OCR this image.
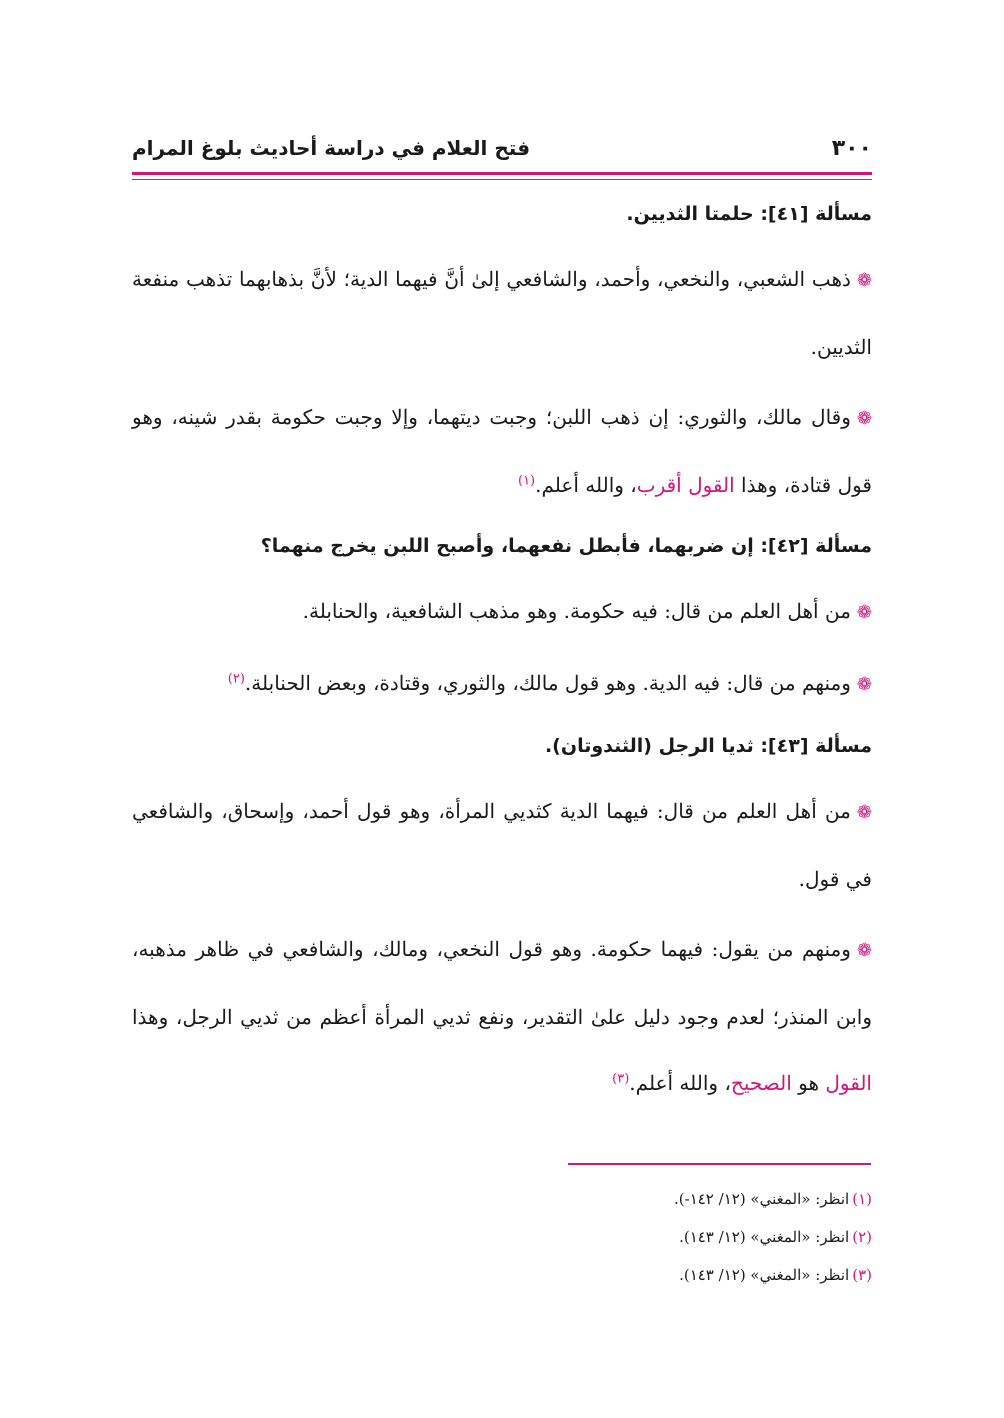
٣٠٠
فتح العلام في دراسة أحاديث بلوغ المرام

مسألة [٤١]: حلمتا الثديين.

❁ذهب الشعبي، والنخعي، وأحمد، والشافعي إلىٰ أنَّ فيهما الدية؛ لأنَّ بذهابهما تذهب منفعة الثديين.

❁وقال مالك، والثوري: إن ذهب اللبن؛ وجبت ديتهما، وإلا وجبت حكومة بقدر شينه، وهو قول قتادة، وهذا القول أقرب، والله أعلم.$^{(١)}$

مسألة [٤٢]: إن ضربهما، فأبطل نفعهما، وأصبح اللبن يخرج منهما؟

❁من أهل العلم من قال: فيه حكومة. وهو مذهب الشافعية، والحنابلة.

❁ومنهم من قال: فيه الدية. وهو قول مالك، والثوري، وقتادة، وبعض الحنابلة.$^{(٢)}$

مسألة [٤٣]: ثديا الرجل (الثندوتان).

❁من أهل العلم من قال: فيهما الدية كثديي المرأة، وهو قول أحمد، وإسحاق، والشافعي في قول.

❁ومنهم من يقول: فيهما حكومة. وهو قول النخعي، ومالك، والشافعي في ظاهر مذهبه، وابن المنذر؛ لعدم وجود دليل علىٰ التقدير، ونفع ثديي المرأة أعظم من ثديي الرجل، وهذا القول هو الصحيح، والله أعلم.$^{(٣)}$

(١)انظر: «المغني» (١٢/ ١٤٢-).
(٢)انظر: «المغني» (١٢/ ١٤٣).
(٣)انظر: «المغني» (١٢/ ١٤٣).
